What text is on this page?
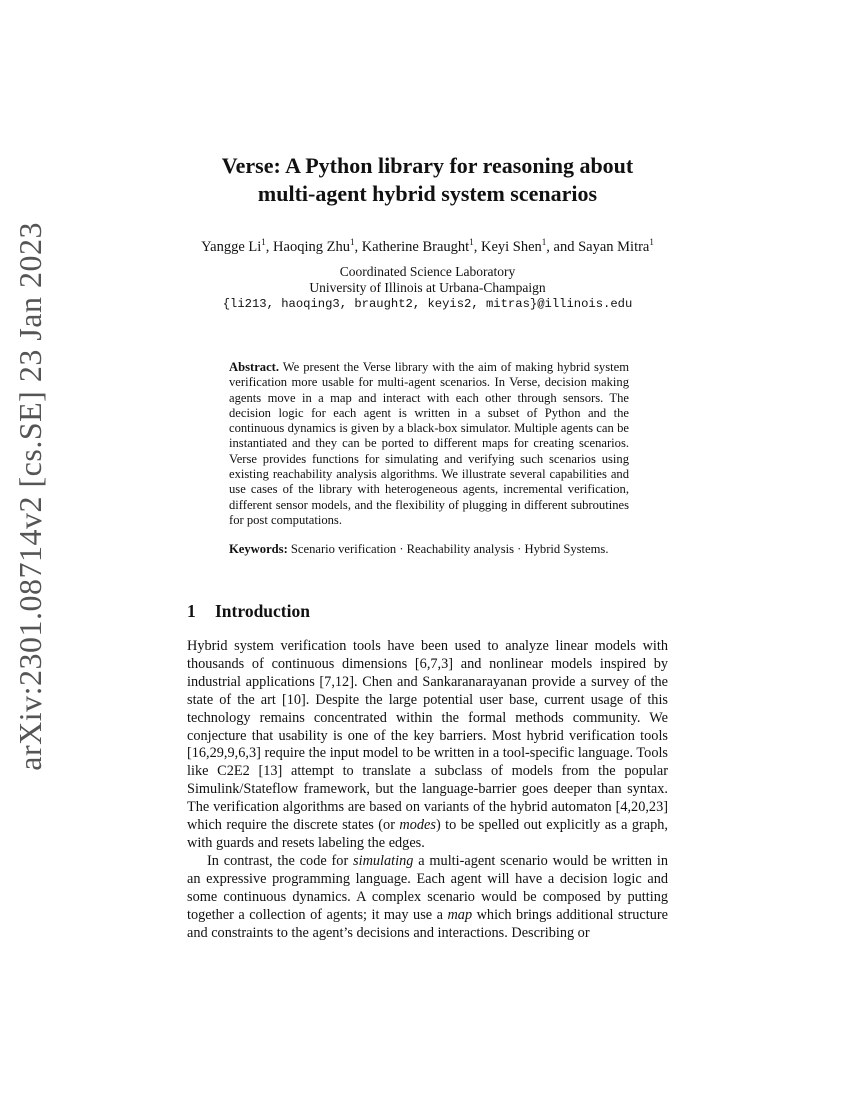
arXiv:2301.08714v2 [cs.SE] 23 Jan 2023
Verse: A Python library for reasoning about
multi-agent hybrid system scenarios
Yangge Li$^1$, Haoqing Zhu$^1$, Katherine Braught$^1$, Keyi Shen$^1$, and Sayan Mitra$^1$
Coordinated Science Laboratory
University of Illinois at Urbana-Champaign
{li213, haoqing3, braught2, keyis2, mitras}@illinois.edu
Abstract. We present the Verse library with the aim of making hybrid system verification more usable for multi-agent scenarios. In Verse, decision making agents move in a map and interact with each other through sensors. The decision logic for each agent is written in a subset of Python and the continuous dynamics is given by a black-box simulator. Multiple agents can be instantiated and they can be ported to different maps for creating scenarios. Verse provides functions for simulating and verifying such scenarios using existing reachability analysis algorithms. We illustrate several capabilities and use cases of the library with heterogeneous agents, incremental verification, different sensor models, and the flexibility of plugging in different subroutines for post computations.
Keywords: Scenario verification · Reachability analysis · Hybrid Systems.
1 Introduction

Hybrid system verification tools have been used to analyze linear models with thousands of continuous dimensions [6,7,3] and nonlinear models inspired by industrial applications [7,12]. Chen and Sankaranarayanan provide a survey of the state of the art [10]. Despite the large potential user base, current usage of this technology remains concentrated within the formal methods community. We conjecture that usability is one of the key barriers. Most hybrid verification tools [16,29,9,6,3] require the input model to be written in a tool-specific language. Tools like C2E2 [13] attempt to translate a subclass of models from the popular Simulink/Stateflow framework, but the language-barrier goes deeper than syntax. The verification algorithms are based on variants of the hybrid automaton [4,20,23] which require the discrete states (or modes) to be spelled out explicitly as a graph, with guards and resets labeling the edges.

In contrast, the code for simulating a multi-agent scenario would be written in an expressive programming language. Each agent will have a decision logic and some continuous dynamics. A complex scenario would be composed by putting together a collection of agents; it may use a map which brings additional structure and constraints to the agent’s decisions and interactions. Describing or
